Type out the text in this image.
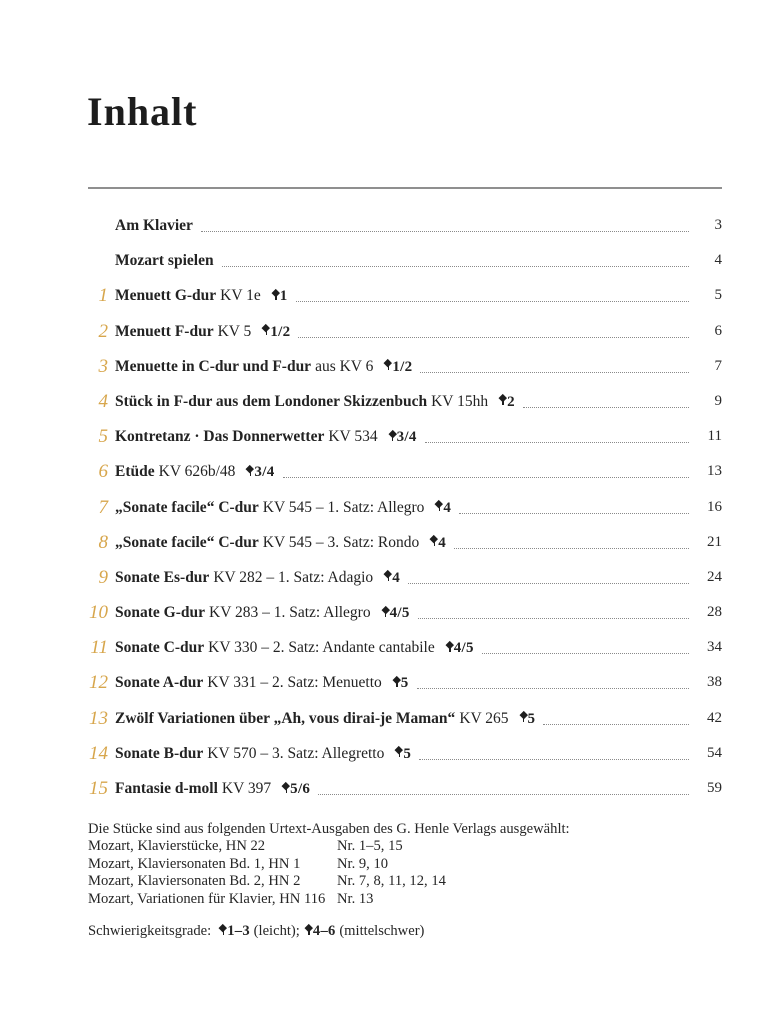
Inhalt
Am Klavier	3
Mozart spielen	4
1 Menuett G-dur KV 1e 1	5
2 Menuett F-dur KV 5 1/2	6
3 Menuette in C-dur und F-dur aus KV 6 1/2	7
4 Stück in F-dur aus dem Londoner Skizzenbuch KV 15hh 2	9
5 Kontretanz · Das Donnerwetter KV 534 3/4	11
6 Etüde KV 626b/48 3/4	13
7 „Sonate facile“ C-dur KV 545 – 1. Satz: Allegro 4	16
8 „Sonate facile“ C-dur KV 545 – 3. Satz: Rondo 4	21
9 Sonate Es-dur KV 282 – 1. Satz: Adagio 4	24
10 Sonate G-dur KV 283 – 1. Satz: Allegro 4/5	28
11 Sonate C-dur KV 330 – 2. Satz: Andante cantabile 4/5	34
12 Sonate A-dur KV 331 – 2. Satz: Menuetto 5	38
13 Zwölf Variationen über „Ah, vous dirai-je Maman“ KV 265 5	42
14 Sonate B-dur KV 570 – 3. Satz: Allegretto 5	54
15 Fantasie d-moll KV 397 5/6	59

Die Stücke sind aus folgenden Urtext-Ausgaben des G. Henle Verlags ausgewählt:

Mozart, Klavierstücke, HN 22	Nr. 1–5, 15
Mozart, Klaviersonaten Bd. 1, HN 1	Nr. 9, 10
Mozart, Klaviersonaten Bd. 2, HN 2	Nr. 7, 8, 11, 12, 14
Mozart, Variationen für Klavier, HN 116 Nr. 13
Schwierigkeitsgrade: 1–3 (leicht); 4–6 (mittelschwer)
